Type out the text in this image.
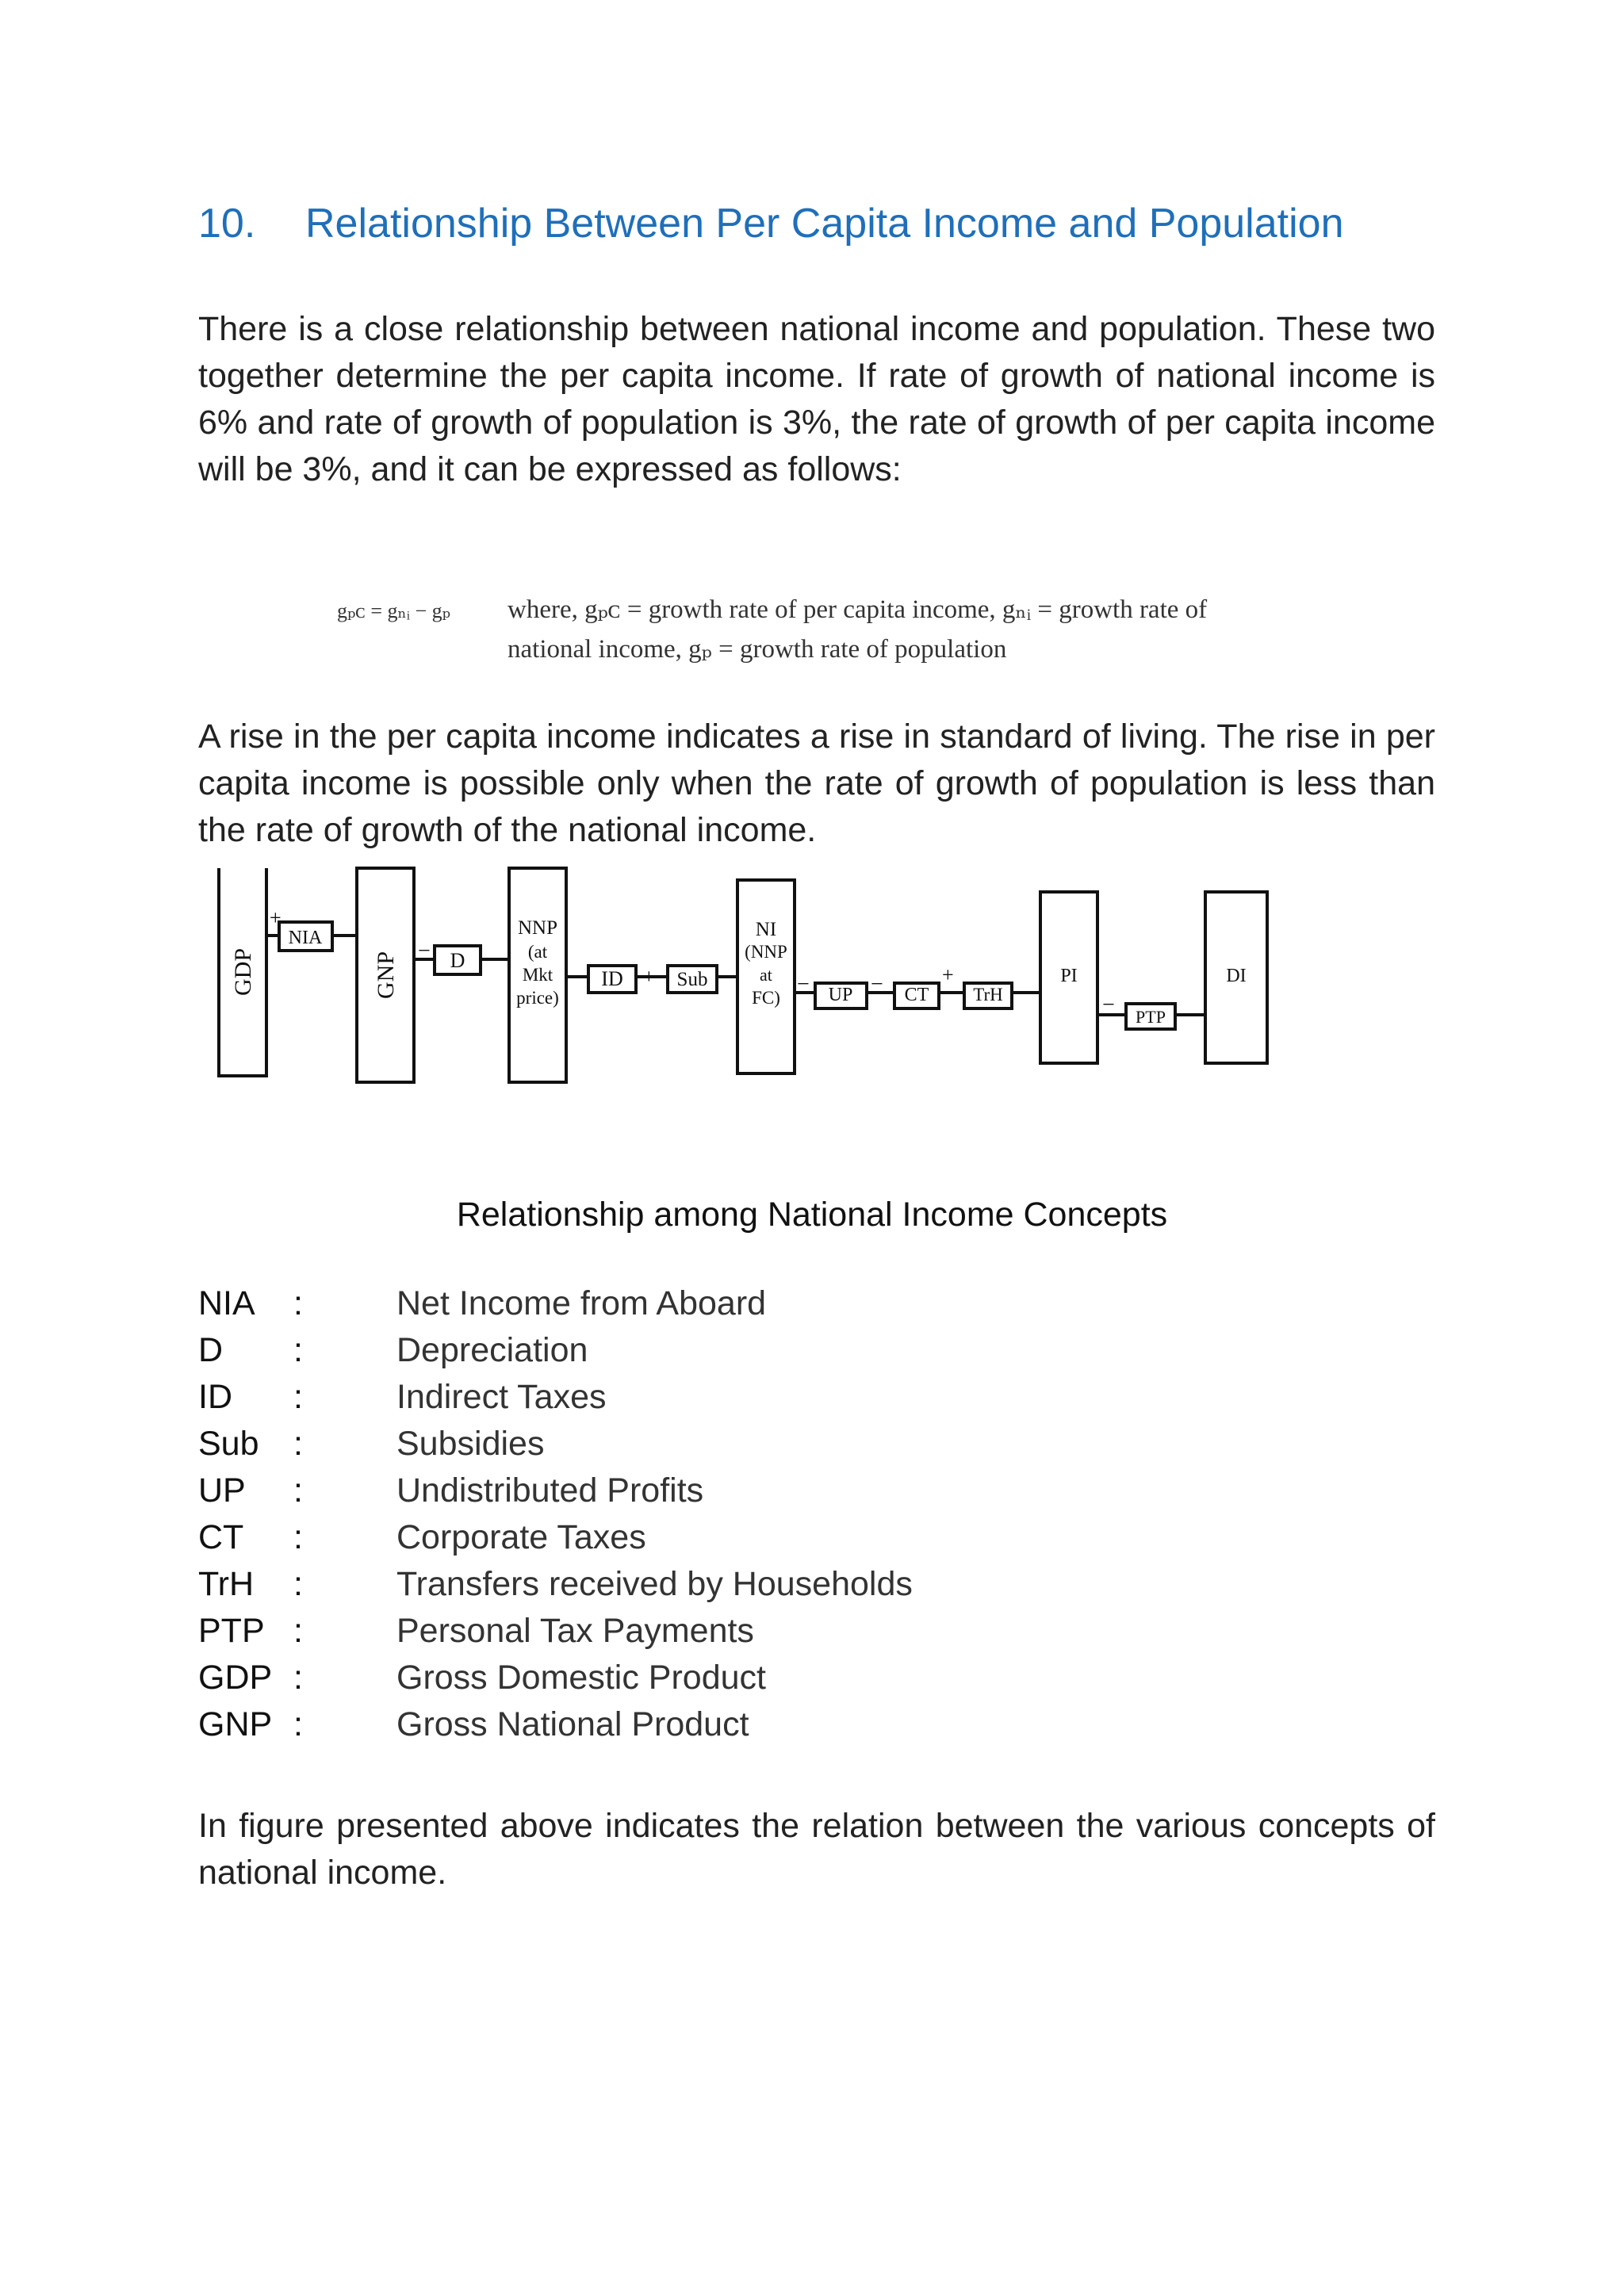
10. Relationship Between Per Capita Income and Population
There is a close relationship between national income and population. These two together determine the per capita income. If rate of growth of national income is 6% and rate of growth of population is 3%, the rate of growth of per capita income will be 3%, and it can be expressed as follows:
gₚᴄ = gₙᵢ − gₚ where, gₚᴄ = growth rate of per capita income, gₙᵢ = growth rate of
national income, gₚ = growth rate of population
A rise in the per capita income indicates a rise in standard of living. The rise in per capita income is possible only when the rate of growth of population is less than the rate of growth of the national income.
+
−
+	−	−	+
−
GDP	GNP
NIA
D
ID	Sub
UP	CT TrH
PTP
NNP
(at
Mkt
price)
NI
(NNP
at
FC)
PI	DI
Relationship among National Income Concepts
NIA :	Net Income from Aboard
D :	Depreciation
ID :	Indirect Taxes
Sub :	Subsidies
UP :	Undistributed Profits
CT :	Corporate Taxes
TrH :	Transfers received by Households
PTP :	Personal Tax Payments
GDP :	Gross Domestic Product
GNP :	Gross National Product
In figure presented above indicates the relation between the various concepts of national income.
